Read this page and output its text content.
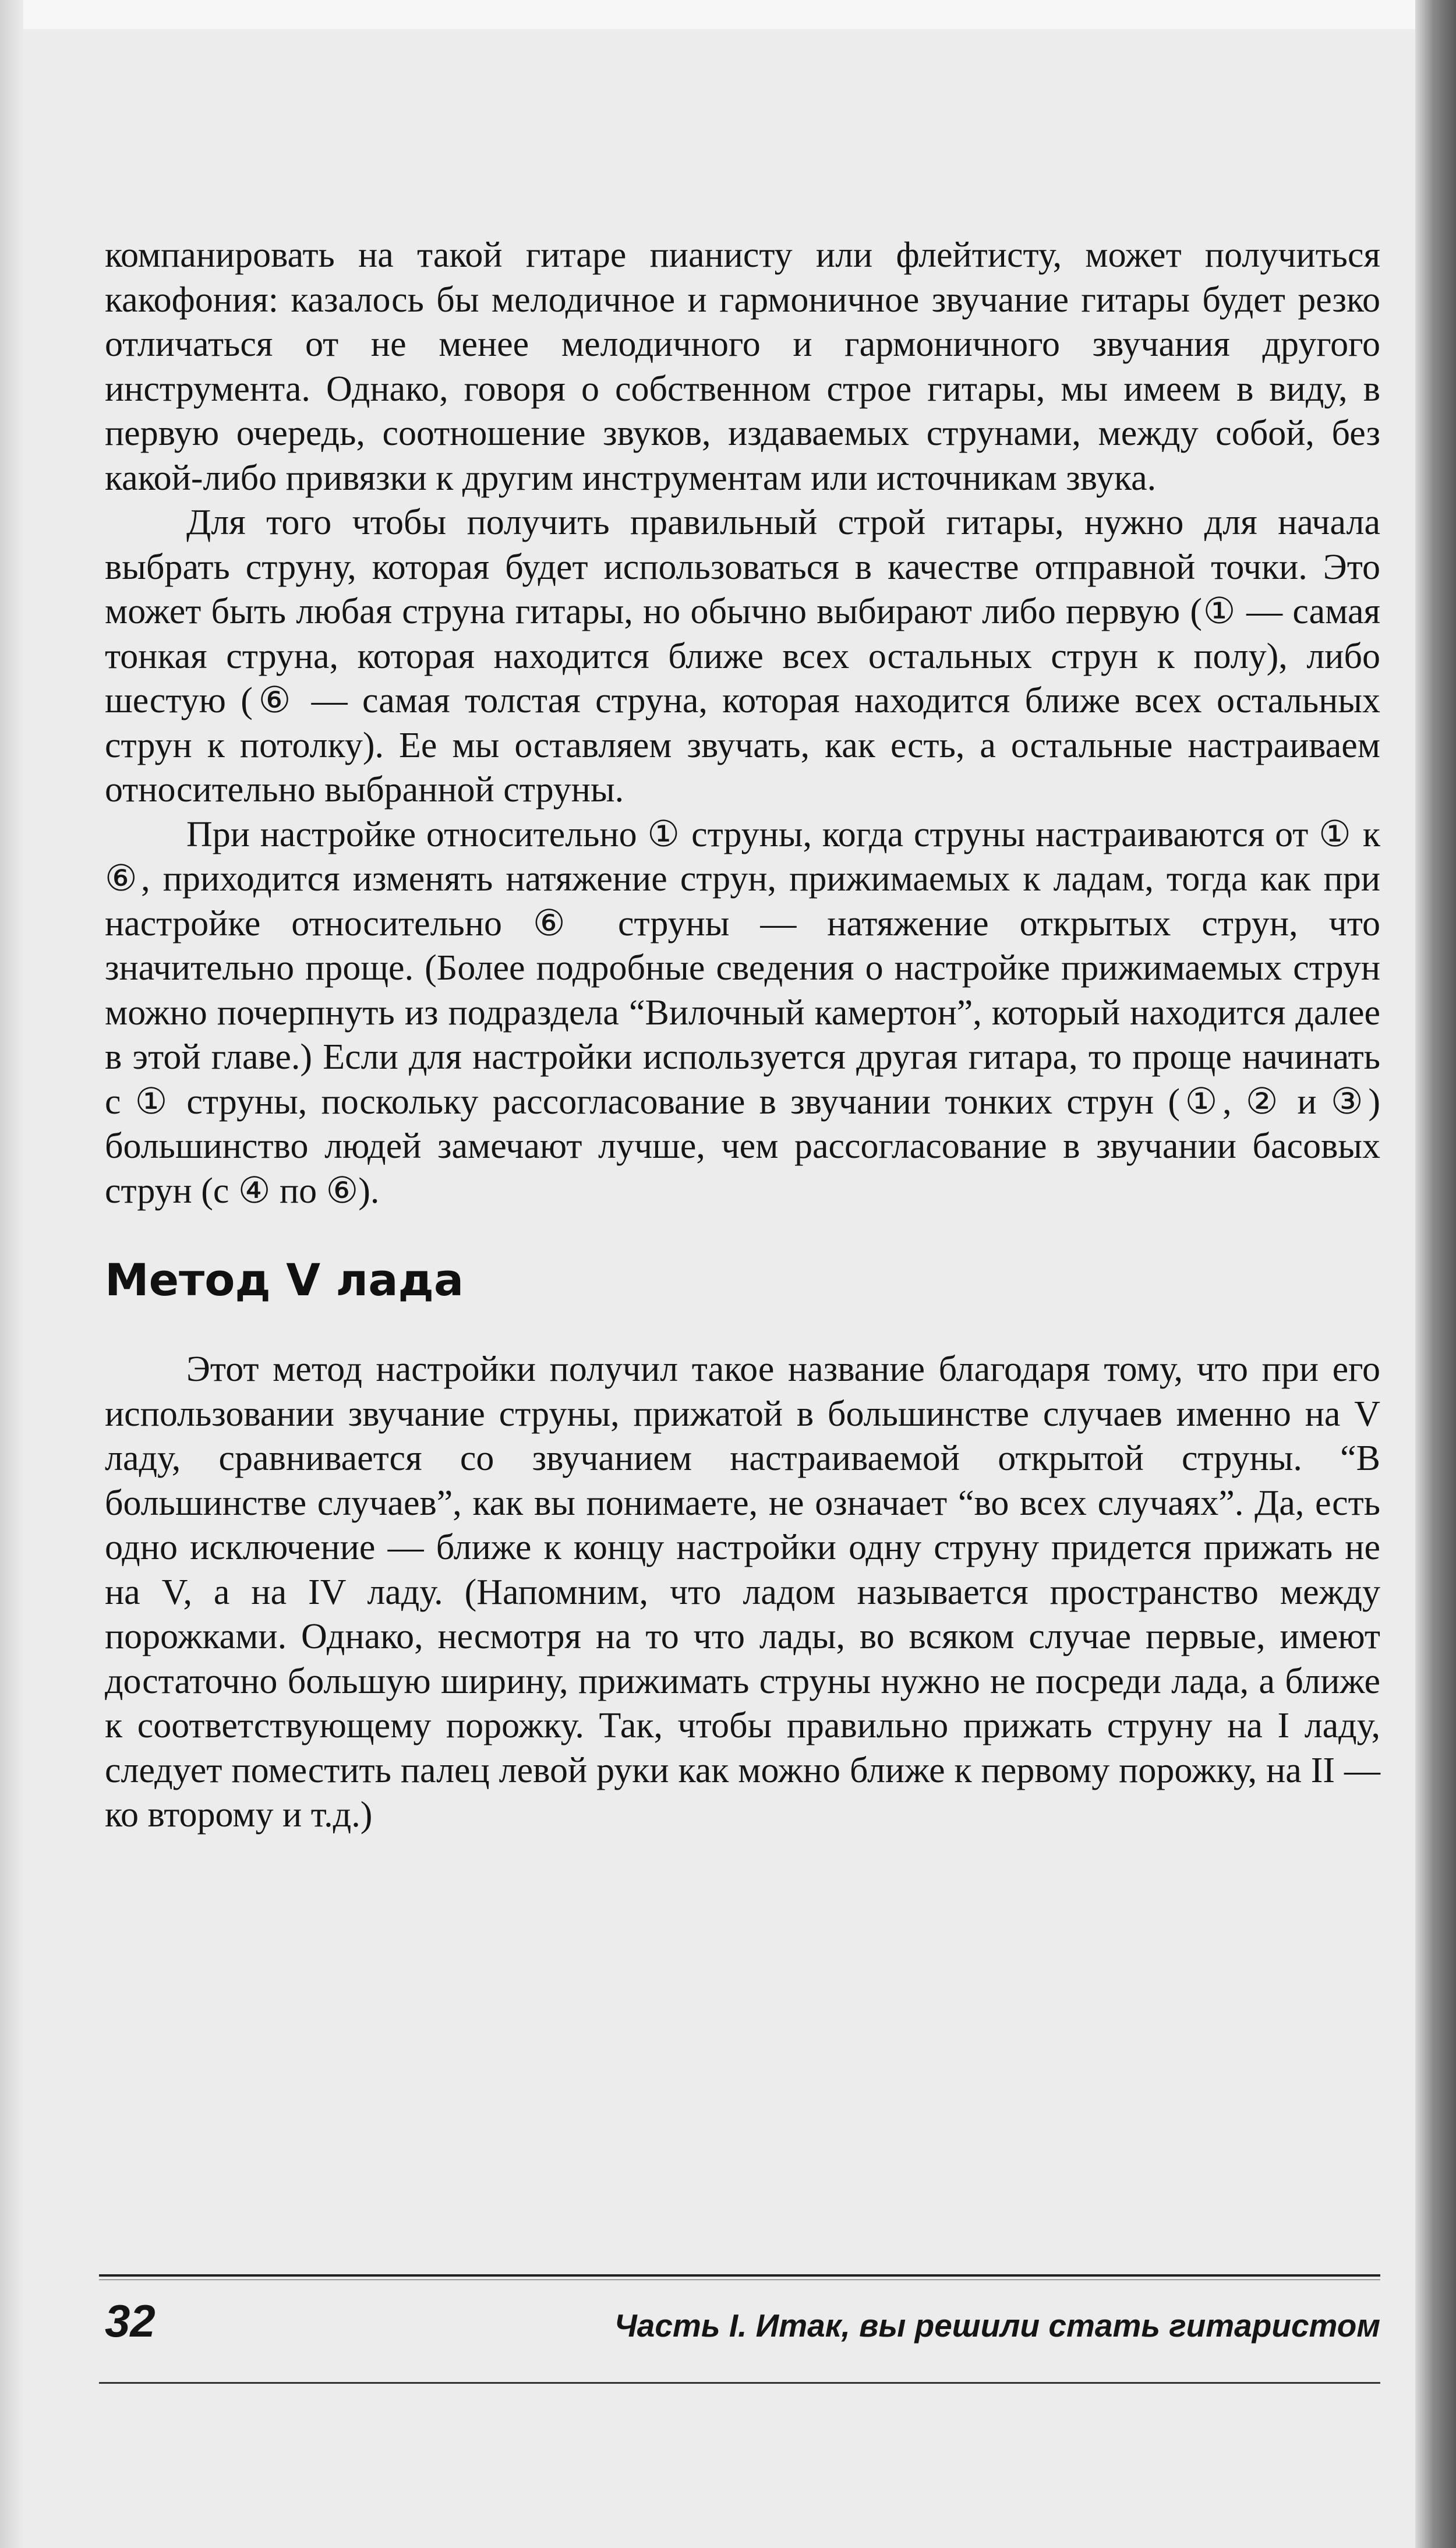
компанировать на такой гитаре пианисту или флейтисту, может получиться какофония: казалось бы мелодичное и гармоничное звучание гитары будет резко отличаться от не менее мелодичного и гармоничного звучания другого инструмента. Однако, говоря о собственном строе гитары, мы имеем в виду, в первую очередь, соотношение звуков, издаваемых струнами, между собой, без какой-либо привязки к другим инструментам или источникам звука.

Для того чтобы получить правильный строй гитары, нужно для начала выбрать струну, которая будет использоваться в качестве отправной точки. Это может быть любая струна гитары, но обычно выбирают либо первую (① — самая тонкая струна, которая находится ближе всех остальных струн к полу), либо шестую (⑥ — самая толстая струна, которая находится ближе всех остальных струн к потолку). Ее мы оставляем звучать, как есть, а остальные настраиваем относительно выбранной струны.

При настройке относительно ① струны, когда струны настраиваются от ① к ⑥, приходится изменять натяжение струн, прижимаемых к ладам, тогда как при настройке относительно ⑥ струны — натяжение открытых струн, что значительно проще. (Более подробные сведения о настройке прижимаемых струн можно почерпнуть из подраздела “Вилочный камертон”, который находится далее в этой главе.) Если для настройки используется другая гитара, то проще начинать с ① струны, поскольку рассогласование в звучании тонких струн (①, ② и ③) большинство людей замечают лучше, чем рассогласование в звучании басовых струн (с ④ по ⑥).

Метод V лада

Этот метод настройки получил такое название благодаря тому, что при его использовании звучание струны, прижатой в большинстве случаев именно на V ладу, сравнивается со звучанием настраиваемой открытой струны. “В большинстве случаев”, как вы понимаете, не означает “во всех случаях”. Да, есть одно исключение — ближе к концу настройки одну струну придется прижать не на V, а на IV ладу. (Напомним, что ладом называется пространство между порожками. Однако, несмотря на то что лады, во всяком случае первые, имеют достаточно большую ширину, прижимать струны нужно не посреди лада, а ближе к соответствующему порожку. Так, чтобы правильно прижать струну на I ладу, следует поместить палец левой руки как можно ближе к первому порожку, на II — ко второму и т.д.)

32	Часть I. Итак, вы решили стать гитаристом
